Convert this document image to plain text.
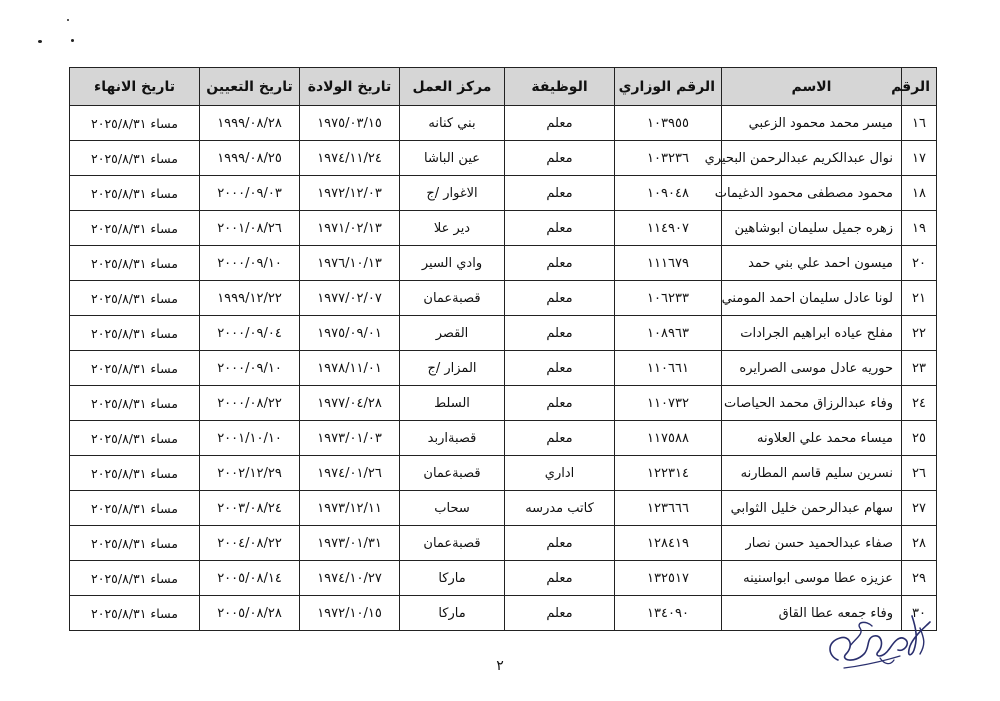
الرقم	الاسم	الرقم الوزاري	الوظيفة	مركز العمل	تاريخ الولادة	تاريخ التعيين	تاريخ الانهاء
١٦	ميسر محمد محمود الزعبي	١٠٣٩٥٥	معلم	بني كنانه	١٩٧٥/٠٣/١٥	١٩٩٩/٠٨/٢٨	مساء ٢٠٢٥/٨/٣١
١٧	نوال عبدالكريم عبدالرحمن البحيري	١٠٣٢٣٦	معلم	عين الباشا	١٩٧٤/١١/٢٤	١٩٩٩/٠٨/٢٥	مساء ٢٠٢٥/٨/٣١
١٨	محمود مصطفى محمود الدغيمات	١٠٩٠٤٨	معلم	الاغوار /ج	١٩٧٢/١٢/٠٣	٢٠٠٠/٠٩/٠٣	مساء ٢٠٢٥/٨/٣١
١٩	زهره جميل سليمان ابوشاهين	١١٤٩٠٧	معلم	دير علا	١٩٧١/٠٢/١٣	٢٠٠١/٠٨/٢٦	مساء ٢٠٢٥/٨/٣١
٢٠	ميسون احمد علي بني حمد	١١١٦٧٩	معلم	وادي السير	١٩٧٦/١٠/١٣	٢٠٠٠/٠٩/١٠	مساء ٢٠٢٥/٨/٣١
٢١	لونا عادل سليمان احمد المومني	١٠٦٢٣٣	معلم	قصبةعمان	١٩٧٧/٠٢/٠٧	١٩٩٩/١٢/٢٢	مساء ٢٠٢٥/٨/٣١
٢٢	مفلح عياده ابراهيم الجرادات	١٠٨٩٦٣	معلم	القصر	١٩٧٥/٠٩/٠١	٢٠٠٠/٠٩/٠٤	مساء ٢٠٢٥/٨/٣١
٢٣	حوريه عادل موسى الصرايره	١١٠٦٦١	معلم	المزار /ج	١٩٧٨/١١/٠١	٢٠٠٠/٠٩/١٠	مساء ٢٠٢٥/٨/٣١
٢٤	وفاء عبدالرزاق محمد الحياصات	١١٠٧٣٢	معلم	السلط	١٩٧٧/٠٤/٢٨	٢٠٠٠/٠٨/٢٢	مساء ٢٠٢٥/٨/٣١
٢٥	ميساء محمد علي العلاونه	١١٧٥٨٨	معلم	قصبةاربد	١٩٧٣/٠١/٠٣	٢٠٠١/١٠/١٠	مساء ٢٠٢٥/٨/٣١
٢٦	نسرين سليم قاسم المطارنه	١٢٢٣١٤	اداري	قصبةعمان	١٩٧٤/٠١/٢٦	٢٠٠٢/١٢/٢٩	مساء ٢٠٢٥/٨/٣١
٢٧	سهام عبدالرحمن خليل الثوابي	١٢٣٦٦٦	كاتب مدرسه	سحاب	١٩٧٣/١٢/١١	٢٠٠٣/٠٨/٢٤	مساء ٢٠٢٥/٨/٣١
٢٨	صفاء عبدالحميد حسن نصار	١٢٨٤١٩	معلم	قصبةعمان	١٩٧٣/٠١/٣١	٢٠٠٤/٠٨/٢٢	مساء ٢٠٢٥/٨/٣١
٢٩	عزيزه عطا موسى ابواسنينه	١٣٢٥١٧	معلم	ماركا	١٩٧٤/١٠/٢٧	٢٠٠٥/٠٨/١٤	مساء ٢٠٢٥/٨/٣١
٣٠	وفاء جمعه عطا القاق	١٣٤٠٩٠	معلم	ماركا	١٩٧٢/١٠/١٥	٢٠٠٥/٠٨/٢٨	مساء ٢٠٢٥/٨/٣١
٢
